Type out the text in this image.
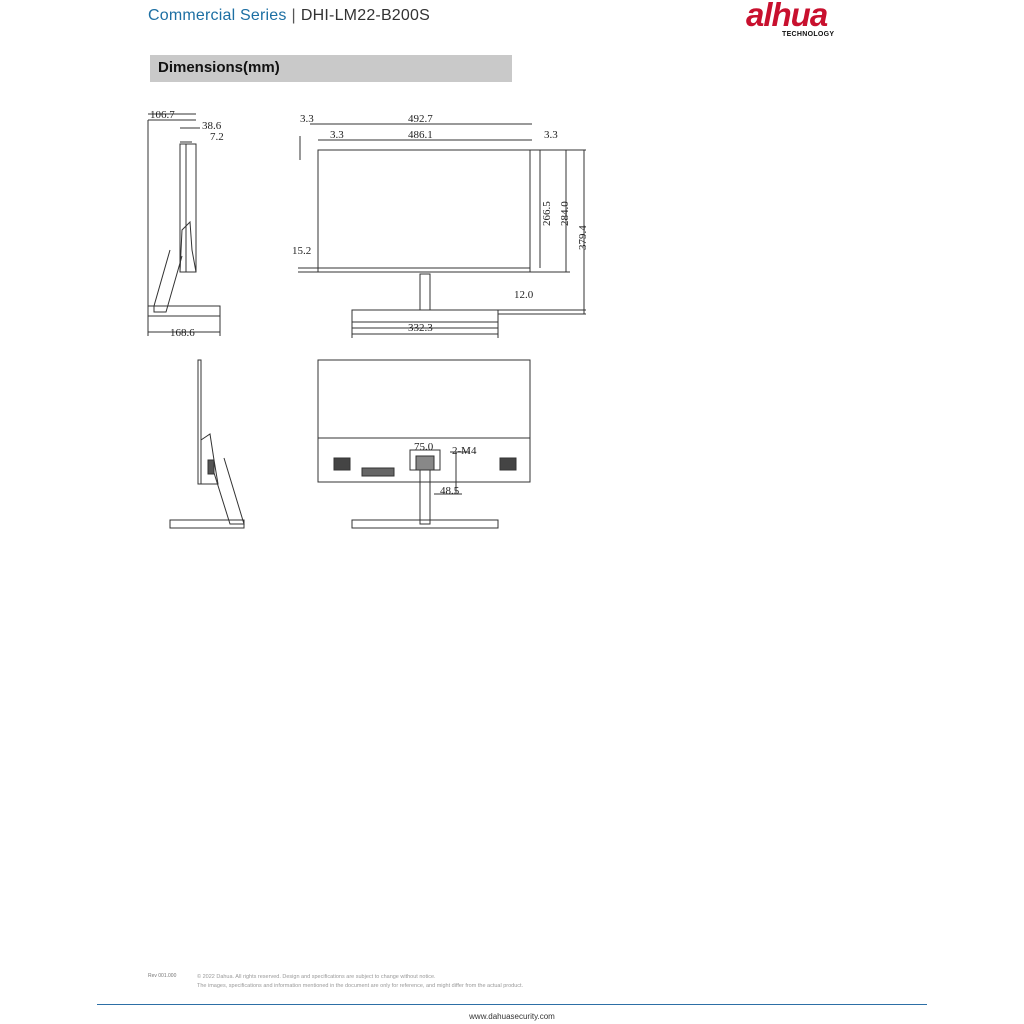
Commercial Series | DHI-LM22-B200S	alhua
TECHNOLOGY
Dimensions(mm)
106.7
38.6
7.2
168.6
492.7
486.1
3.3
3.3	3.3
15.2
266.5 284.0
379.4
12.0
332.3
75.0 2-M4
48.5
Rev 001.000	© 2022 Dahua. All rights reserved. Design and specifications are subject to change without notice.
The images, specifications and information mentioned in the document are only for reference, and might differ from the actual product.
www.dahuasecurity.com
